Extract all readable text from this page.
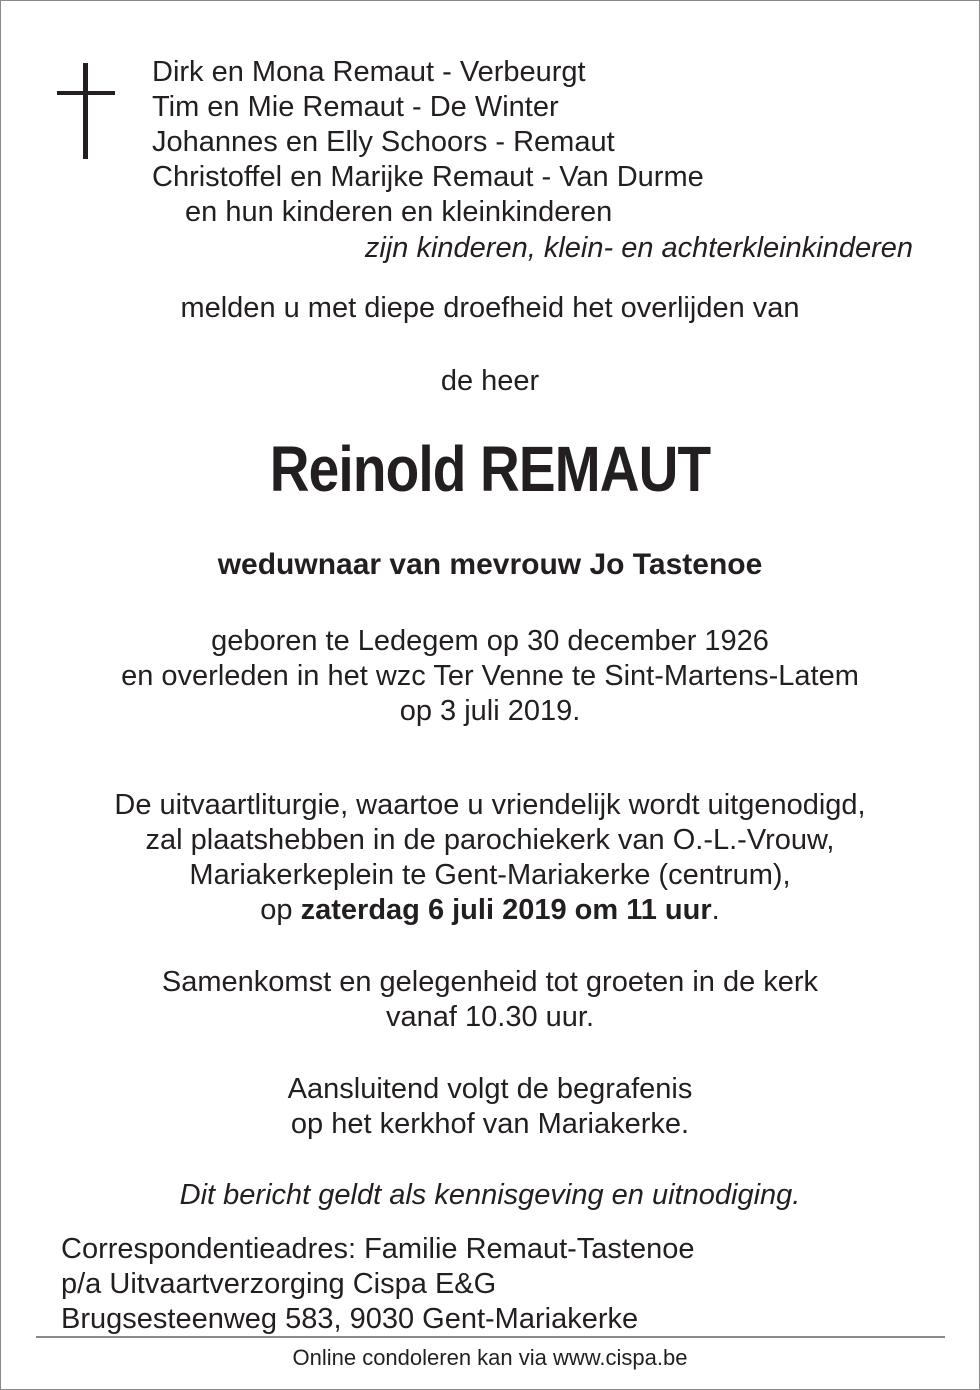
Dirk en Mona Remaut - Verbeurgt
Tim en Mie Remaut - De Winter
Johannes en Elly Schoors - Remaut
Christoffel en Marijke Remaut - Van Durme
en hun kinderen en kleinkinderen
zijn kinderen, klein- en achterkleinkinderen
melden u met diepe droefheid het overlijden van
de heer
Reinold REMAUT
weduwnaar van mevrouw Jo Tastenoe
geboren te Ledegem op 30 december 1926
en overleden in het wzc Ter Venne te Sint-Martens-Latem
op 3 juli 2019.
De uitvaartliturgie, waartoe u vriendelijk wordt uitgenodigd,
zal plaatshebben in de parochiekerk van O.-L.-Vrouw,
Mariakerkeplein te Gent-Mariakerke (centrum),
op zaterdag 6 juli 2019 om 11 uur.
Samenkomst en gelegenheid tot groeten in de kerk
vanaf 10.30 uur.
Aansluitend volgt de begrafenis
op het kerkhof van Mariakerke.
Dit bericht geldt als kennisgeving en uitnodiging.
Correspondentieadres: Familie Remaut-Tastenoe
p/a Uitvaartverzorging Cispa E&G
Brugsesteenweg 583, 9030 Gent-Mariakerke
Online condoleren kan via www.cispa.be
